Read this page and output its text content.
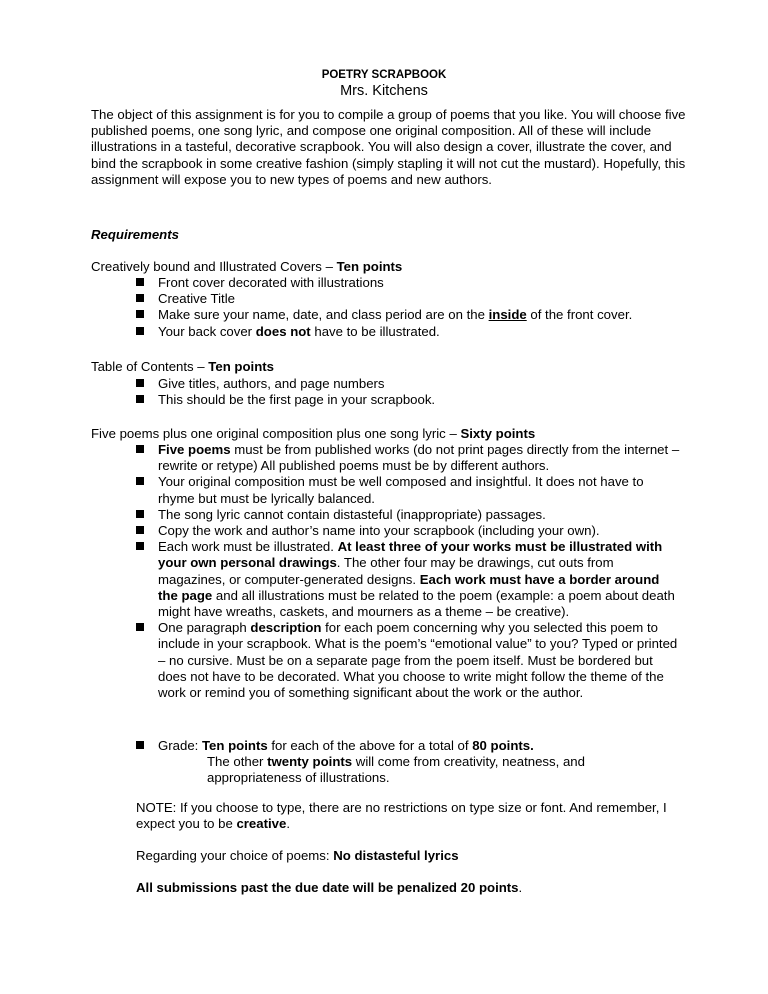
POETRY SCRAPBOOK
Mrs. Kitchens
The object of this assignment is for you to compile a group of poems that you like. You will choose five published poems, one song lyric, and compose one original composition. All of these will include illustrations in a tasteful, decorative scrapbook. You will also design a cover, illustrate the cover, and bind the scrapbook in some creative fashion (simply stapling it will not cut the mustard). Hopefully, this assignment will expose you to new types of poems and new authors.
Requirements
Creatively bound and Illustrated Covers – Ten points
Front cover decorated with illustrations
Creative Title
Make sure your name, date, and class period are on the inside of the front cover.
Your back cover does not have to be illustrated.
Table of Contents – Ten points
Give titles, authors, and page numbers
This should be the first page in your scrapbook.
Five poems plus one original composition plus one song lyric – Sixty points
Five poems must be from published works (do not print pages directly from the internet – rewrite or retype) All published poems must be by different authors.
Your original composition must be well composed and insightful. It does not have to rhyme but must be lyrically balanced.
The song lyric cannot contain distasteful (inappropriate) passages.
Copy the work and author’s name into your scrapbook (including your own).
Each work must be illustrated. At least three of your works must be illustrated with your own personal drawings. The other four may be drawings, cut outs from magazines, or computer-generated designs. Each work must have a border around the page and all illustrations must be related to the poem (example: a poem about death might have wreaths, caskets, and mourners as a theme – be creative).
One paragraph description for each poem concerning why you selected this poem to include in your scrapbook. What is the poem’s “emotional value” to you? Typed or printed – no cursive. Must be on a separate page from the poem itself. Must be bordered but does not have to be decorated. What you choose to write might follow the theme of the work or remind you of something significant about the work or the author.
Grade: Ten points for each of the above for a total of 80 points.
The other twenty points will come from creativity, neatness, and appropriateness of illustrations.
NOTE: If you choose to type, there are no restrictions on type size or font. And remember, I expect you to be creative.
Regarding your choice of poems: No distasteful lyrics
All submissions past the due date will be penalized 20 points.
